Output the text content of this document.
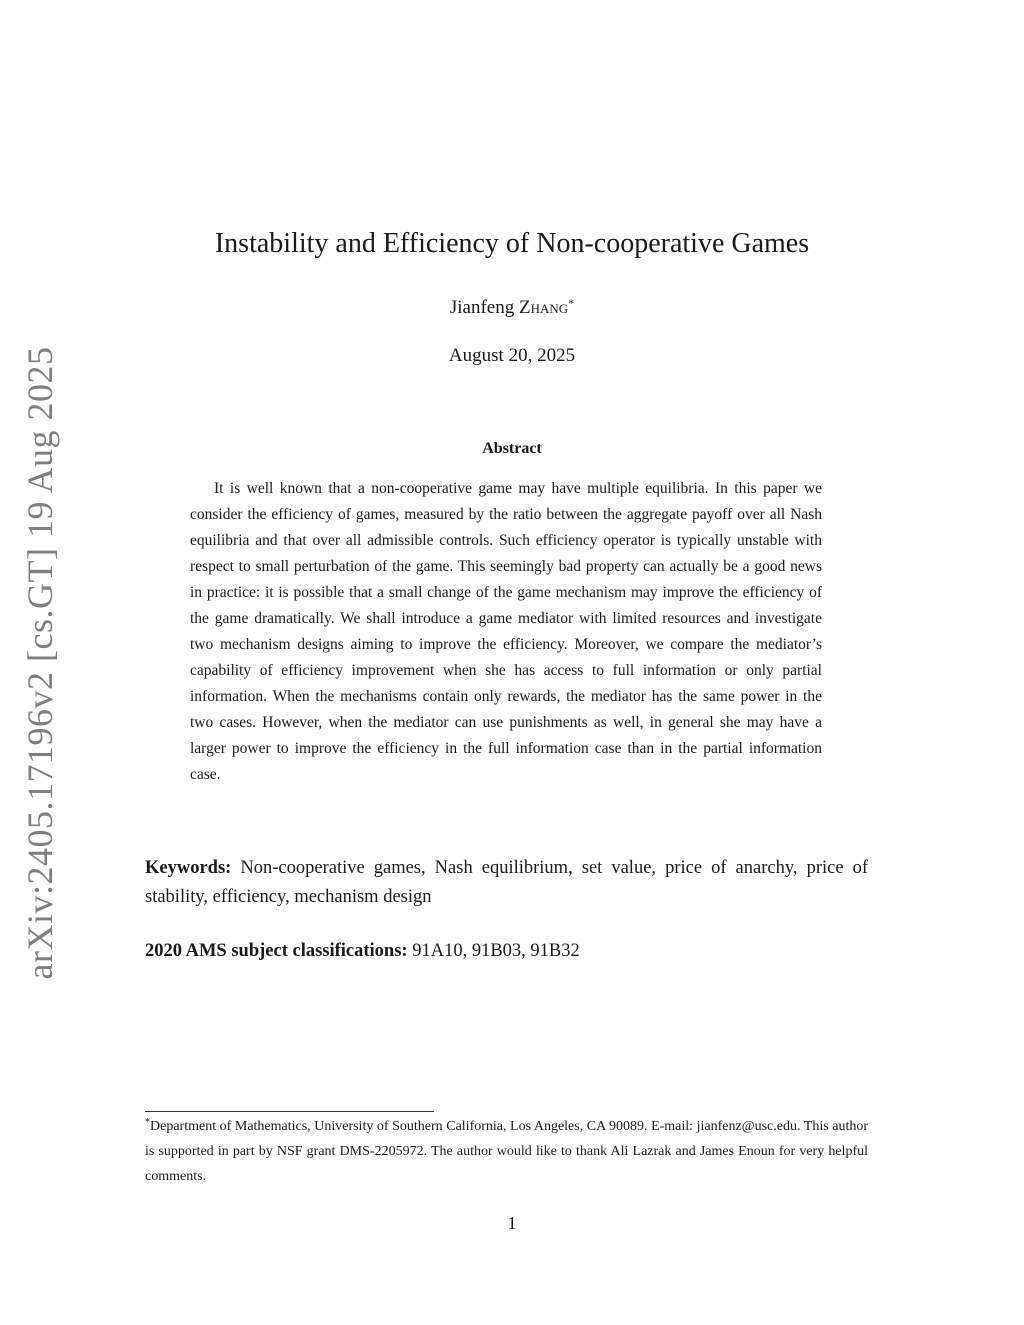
arXiv:2405.17196v2 [cs.GT] 19 Aug 2025
Instability and Efficiency of Non-cooperative Games
Jianfeng Zhang*
August 20, 2025
Abstract

It is well known that a non-cooperative game may have multiple equilibria. In this paper we consider the efficiency of games, measured by the ratio between the aggregate payoff over all Nash equilibria and that over all admissible controls. Such efficiency operator is typically unstable with respect to small perturbation of the game. This seemingly bad property can actually be a good news in practice: it is possible that a small change of the game mechanism may improve the efficiency of the game dramatically. We shall introduce a game mediator with limited resources and investigate two mechanism designs aiming to improve the efficiency. Moreover, we compare the mediator’s capability of efficiency improvement when she has access to full information or only partial information. When the mechanisms contain only rewards, the mediator has the same power in the two cases. However, when the mediator can use punishments as well, in general she may have a larger power to improve the efficiency in the full information case than in the partial information case.

Keywords: Non-cooperative games, Nash equilibrium, set value, price of anarchy, price of stability, efficiency, mechanism design

2020 AMS subject classifications: 91A10, 91B03, 91B32

*Department of Mathematics, University of Southern California, Los Angeles, CA 90089. E-mail: jianfenz@usc.edu. This author is supported in part by NSF grant DMS-2205972. The author would like to thank Ali Lazrak and James Enoun for very helpful comments.

1
